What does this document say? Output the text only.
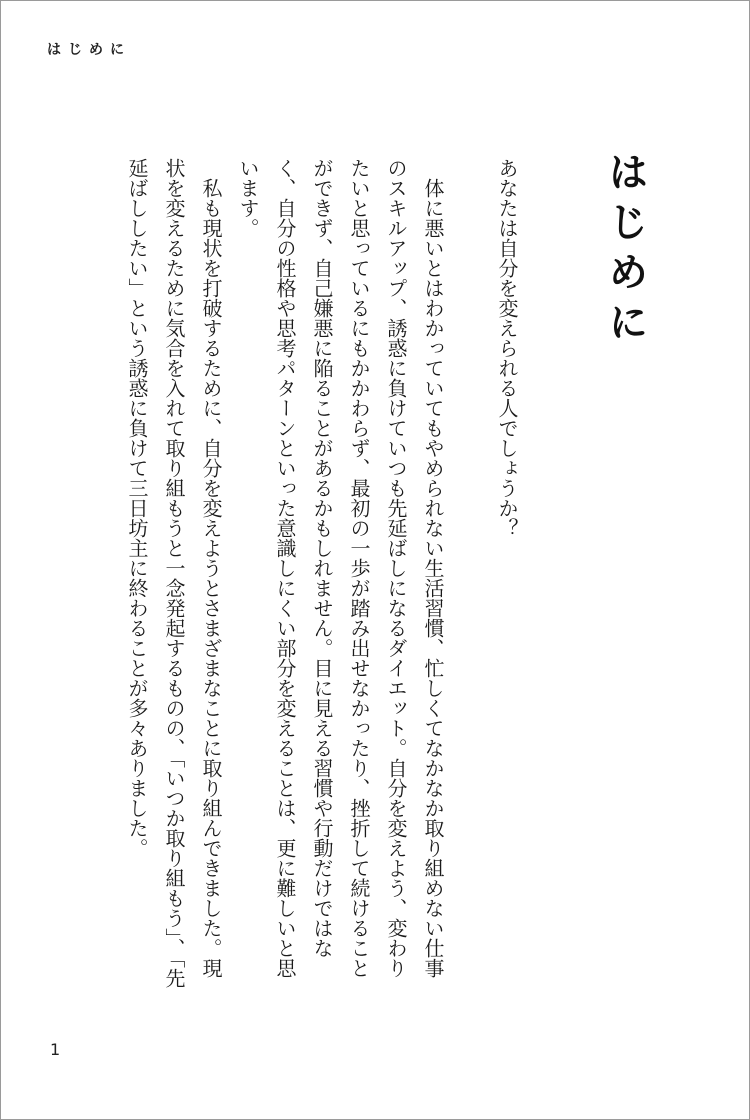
はじめに
はじめに

あなたは自分を変えられる人でしょうか？

体に悪いとはわかっていてもやめられない生活習慣、忙しくてなかなか取り組めない仕事のスキルアップ、誘惑に負けていつも先延ばしになるダイエット。自分を変えよう、変わりたいと思っているにもかかわらず、最初の一歩が踏み出せなかったり、挫折して続けることができず、自己嫌悪に陥ることがあるかもしれません。目に見える習慣や行動だけではなく、自分の性格や思考パターンといった意識しにくい部分を変えることは、更に難しいと思います。

私も現状を打破するために、自分を変えようとさまざまなことに取り組んできました。現状を変えるために気合を入れて取り組もうと一念発起するものの、「いつか取り組もう」、「先延ばししたい」という誘惑に負けて三日坊主に終わることが多々ありました。

1
